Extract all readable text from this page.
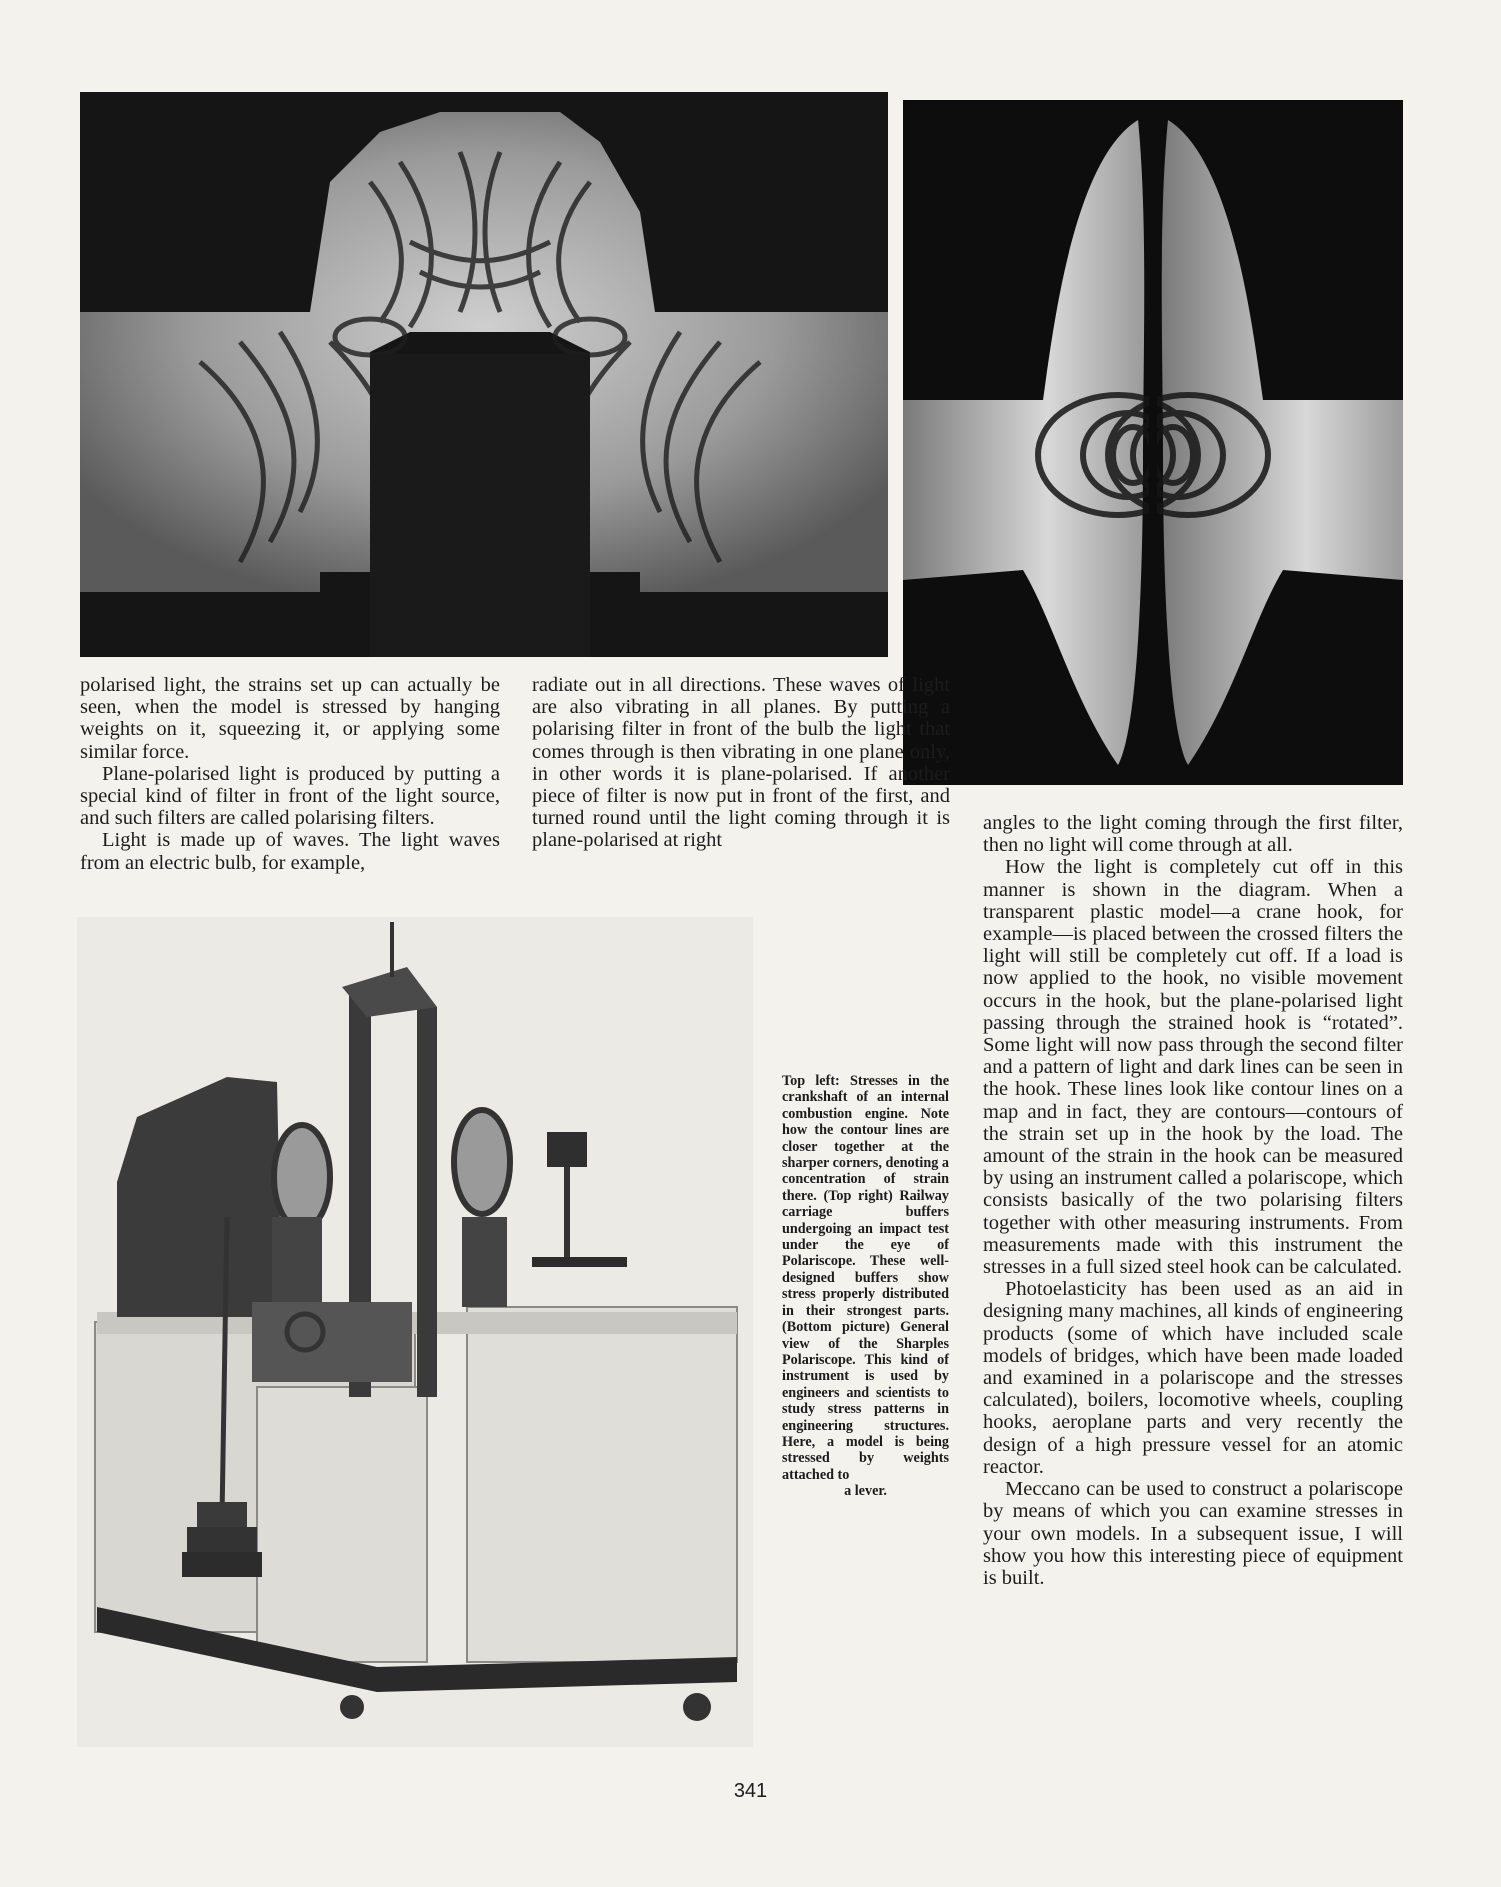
polarised light, the strains set up can actually be seen, when the model is stressed by hanging weights on it, squeezing it, or applying some similar force.

Plane-polarised light is produced by putting a special kind of filter in front of the light source, and such filters are called polarising filters.

Light is made up of waves. The light waves from an electric bulb, for example,

radiate out in all directions. These waves of light are also vibrating in all planes. By putting a polarising filter in front of the bulb the light that comes through is then vibrating in one plane only, in other words it is plane-polarised. If another piece of filter is now put in front of the first, and turned round until the light coming through it is plane-polarised at right

angles to the light coming through the first filter, then no light will come through at all.

How the light is completely cut off in this manner is shown in the diagram. When a transparent plastic model—a crane hook, for example—is placed between the crossed filters the light will still be completely cut off. If a load is now applied to the hook, no visible movement occurs in the hook, but the plane-polarised light passing through the strained hook is “rotated”. Some light will now pass through the second filter and a pattern of light and dark lines can be seen in the hook. These lines look like contour lines on a map and in fact, they are contours—contours of the strain set up in the hook by the load. The amount of the strain in the hook can be measured by using an instrument called a polariscope, which consists basically of the two polarising filters together with other measuring instruments. From measurements made with this instrument the stresses in a full sized steel hook can be calculated.

Photoelasticity has been used as an aid in designing many machines, all kinds of engineering products (some of which have included scale models of bridges, which have been made loaded and examined in a polariscope and the stresses calculated), boilers, locomotive wheels, coupling hooks, aeroplane parts and very recently the design of a high pressure vessel for an atomic reactor.

Meccano can be used to construct a polariscope by means of which you can examine stresses in your own models. In a subsequent issue, I will show you how this interesting piece of equipment is built.

Top left: Stresses in the crankshaft of an internal combustion engine. Note how the contour lines are closer together at the sharper corners, denoting a concentration of strain there. (Top right) Railway carriage buffers undergoing an impact test under the eye of Polariscope. These well-designed buffers show stress properly distributed in their strongest parts. (Bottom picture) General view of the Sharples Polariscope. This kind of instrument is used by engineers and scientists to study stress patterns in engineering structures. Here, a model is being stressed by weights attached to

a lever.

341
